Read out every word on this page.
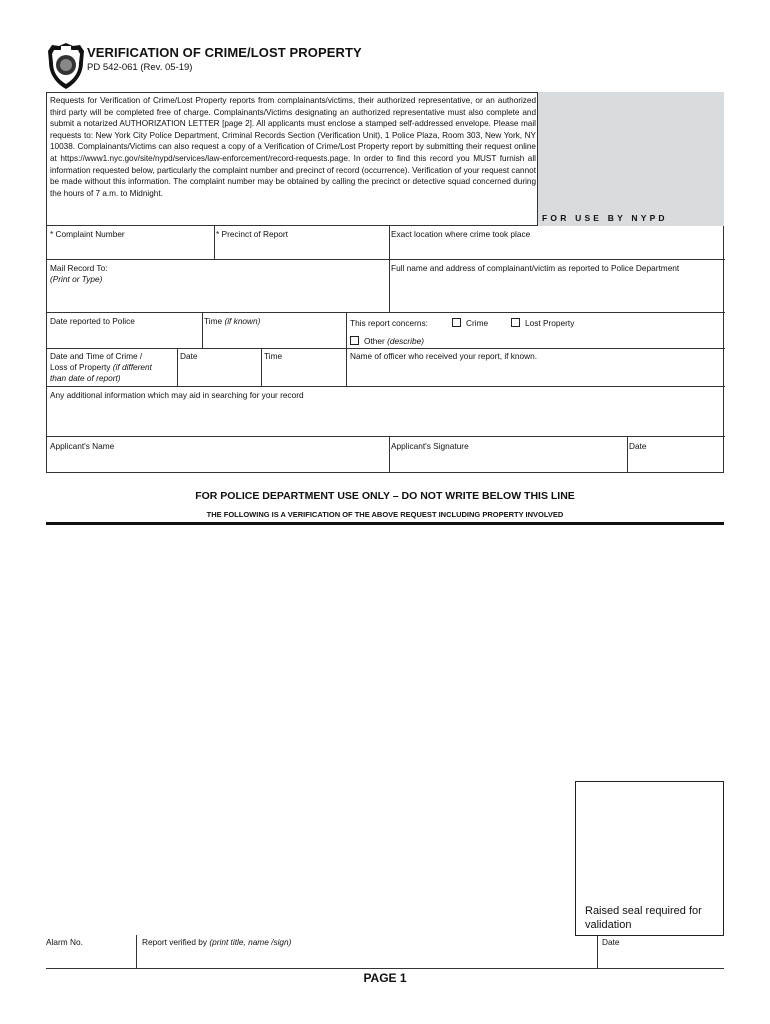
VERIFICATION OF CRIME/LOST PROPERTY
PD 542-061 (Rev. 05-19)
Requests for Verification of Crime/Lost Property reports from complainants/victims, their authorized representative, or an authorized third party will be completed free of charge. Complainants/Victims designating an authorized representative must also complete and submit a notarized AUTHORIZATION LETTER [page 2]. All applicants must enclose a stamped self-addressed envelope. Please mail requests to: New York City Police Department, Criminal Records Section (Verification Unit), 1 Police Plaza, Room 303, New York, NY 10038. Complainants/Victims can also request a copy of a Verification of Crime/Lost Property report by submitting their request online at https://www1.nyc.gov/site/nypd/services/law-enforcement/record-requests.page. In order to find this record you MUST furnish all information requested below, particularly the complaint number and precinct of record (occurrence). Verification of your request cannot be made without this information. The complaint number may be obtained by calling the precinct or detective squad concerned during the hours of 7 a.m. to Midnight.
FOR USE BY NYPD
* Complaint Number	* Precinct of Report	Exact location where crime took place
Mail Record To:
(Print or Type)
Full name and address of complainant/victim as reported to Police Department
Date reported to Police	Time (if known)	This report concerns:	Crime	Lost Property
Other (describe)
Date and Time of Crime /
Loss of Property (if different
than date of report)
Date	Time	Name of officer who received your report, if known.
Any additional information which may aid in searching for your record
Applicant's Name	Applicant's Signature	Date
FOR POLICE DEPARTMENT USE ONLY – DO NOT WRITE BELOW THIS LINE
THE FOLLOWING IS A VERIFICATION OF THE ABOVE REQUEST INCLUDING PROPERTY INVOLVED
Raised seal required for validation
Alarm No.	Report verified by (print title, name /sign)	Date
PAGE 1
